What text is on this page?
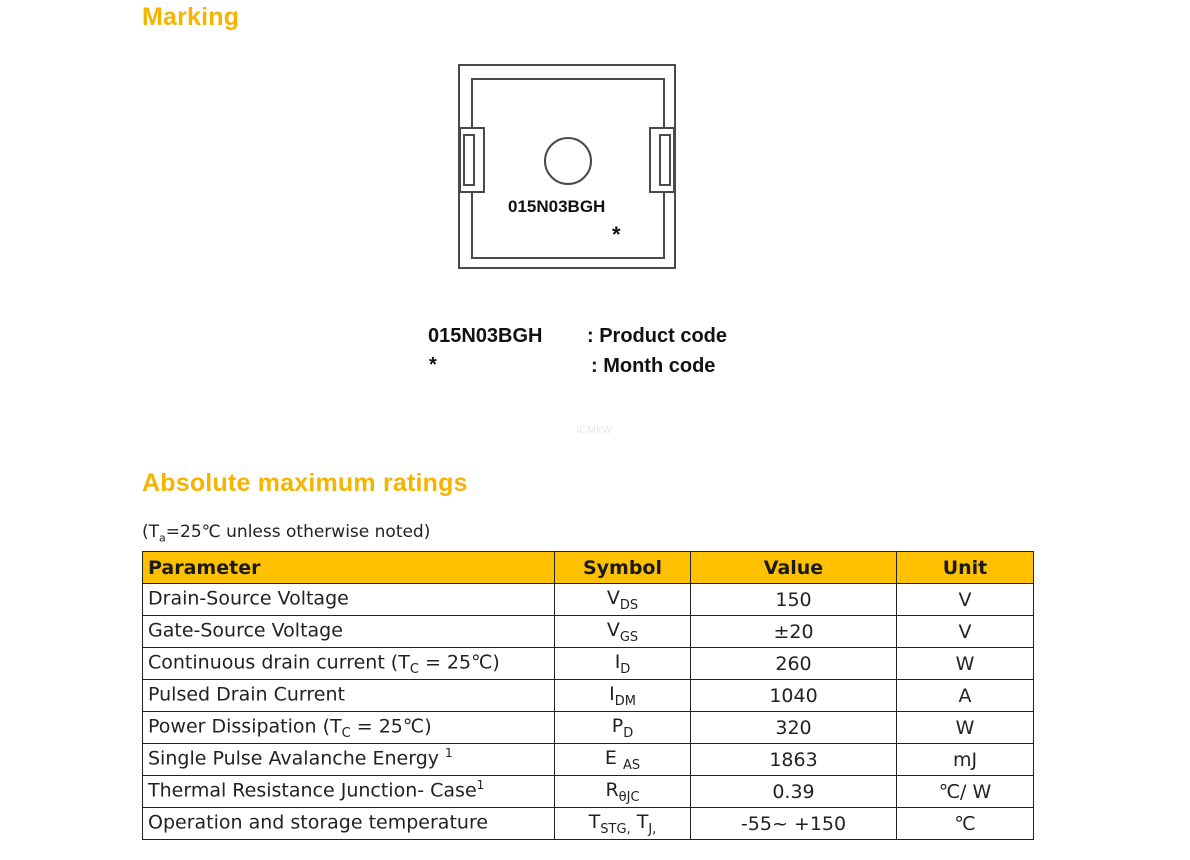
Marking
015N03BGH
*
015N03BGH : Product code
*	: Month code
ICMkW
Absolute maximum ratings
($T_a=25℃$ unless otherwise noted)
Parameter	Symbol	Value	Unit
Drain-Source Voltage	$V_{DS}$	150	V
Gate-Source Voltage	$V_{GS}$	±20	V
Continuous drain current ($T_C$ = 25℃)	$I_D$	260	W
Pulsed Drain Current	$I_{DM}$	1040	A
Power Dissipation ($T_C$ = 25℃)	$P_D$	320	W
Single Pulse Avalanche Energy $^1$	E $_{AS}$	1863	mJ
Thermal Resistance Junction- Case$^1$	$R_{\theta JC}$	0.39	℃/ W
Operation and storage temperature	$T_{STG,}$ $T_{J,}$	-55~ +150	℃
